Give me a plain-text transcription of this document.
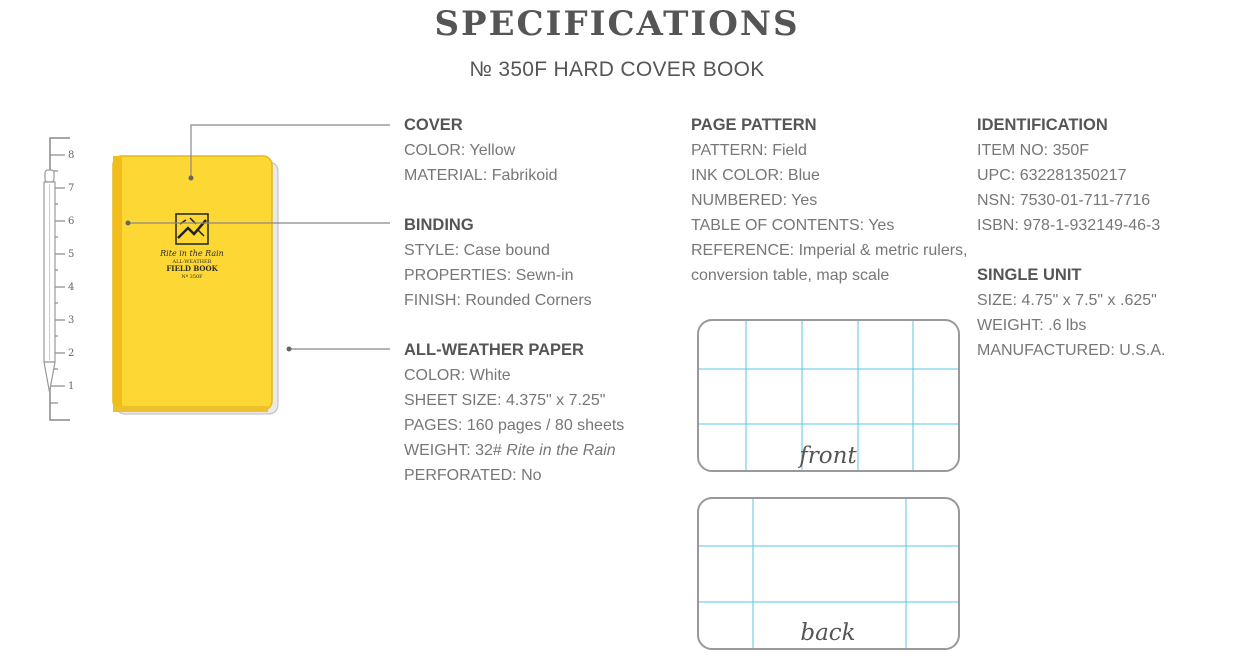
SPECIFICATIONS
№ 350F HARD COVER BOOK
8
7
6
5
4
3
2
1
Rite in the Rain
ALL-WEATHER
FIELD BOOK
Nº 350F
front
back
COVER
COLOR: Yellow
MATERIAL: Fabrikoid
BINDING
STYLE: Case bound
PROPERTIES: Sewn-in
FINISH: Rounded Corners
ALL-WEATHER PAPER
COLOR: White
SHEET SIZE: 4.375" x 7.25"
PAGES: 160 pages / 80 sheets
WEIGHT: 32# Rite in the Rain
PERFORATED: No
PAGE PATTERN
PATTERN: Field
INK COLOR: Blue
NUMBERED: Yes
TABLE OF CONTENTS: Yes
REFERENCE: Imperial & metric rulers,
conversion table, map scale
IDENTIFICATION
ITEM NO: 350F
UPC: 632281350217
NSN: 7530-01-711-7716
ISBN: 978-1-932149-46-3
SINGLE UNIT
SIZE: 4.75" x 7.5" x .625"
WEIGHT: .6 lbs
MANUFACTURED: U.S.A.
